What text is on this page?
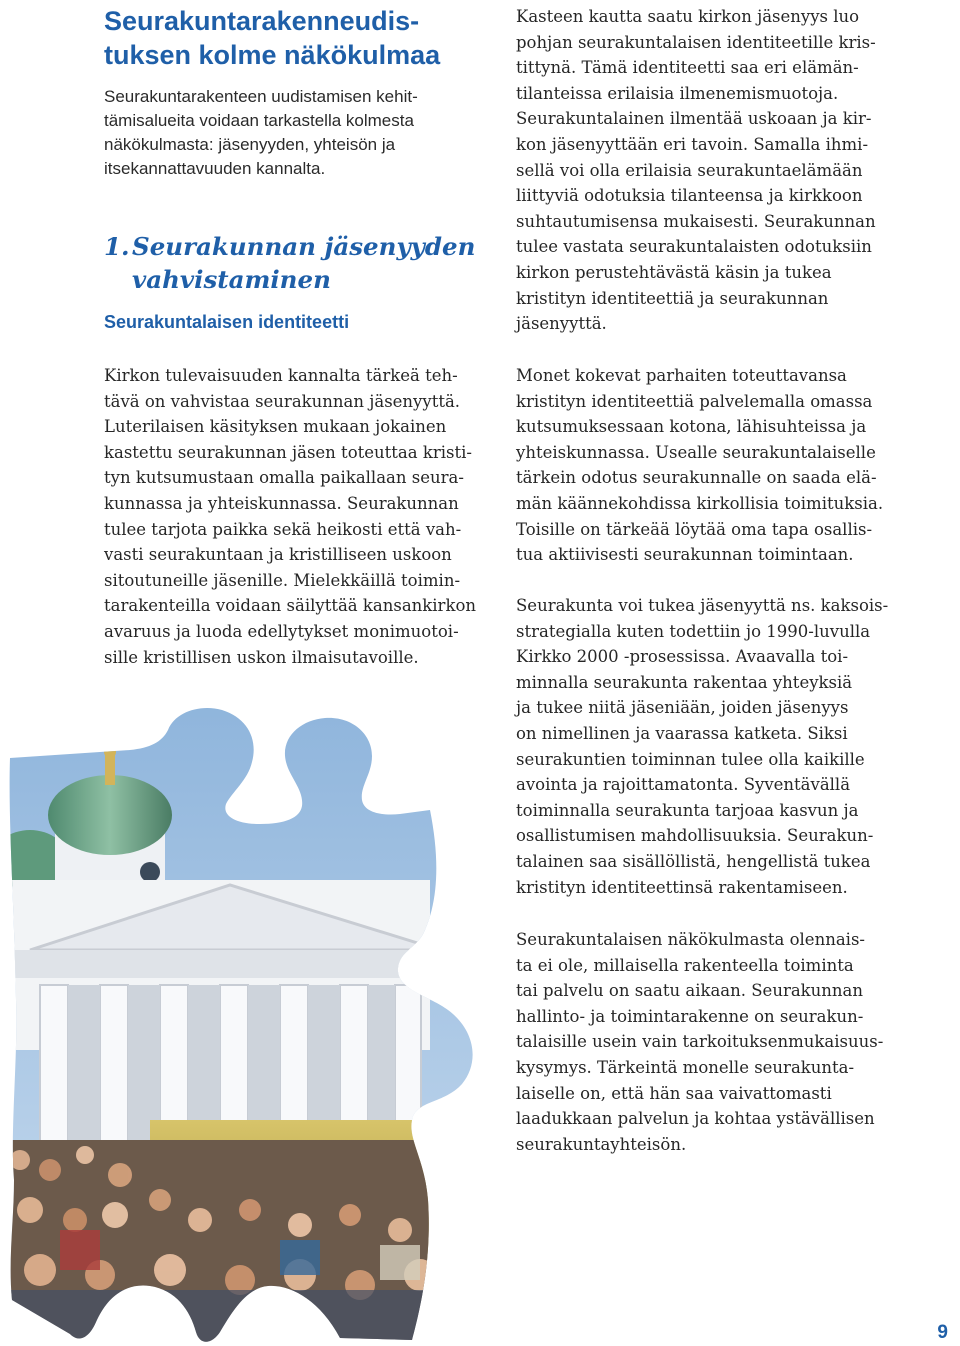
Seurakuntarakenneudis-
tuksen kolme näkökulmaa

Seurakuntarakenteen uudistamisen kehit-
tämisalueita voidaan tarkastella kolmesta
näkökulmasta: jäsenyyden, yhteisön ja
itsekannattavuuden kannalta.

1.Seurakunnan jäsenyyden
vahvistaminen
Seurakuntalaisen identiteetti

Kirkon tulevaisuuden kannalta tärkeä teh-
tävä on vahvistaa seurakunnan jäsenyyttä.
Luterilaisen käsityksen mukaan jokainen
kastettu seurakunnan jäsen toteuttaa kristi-
tyn kutsumustaan omalla paikallaan seura-
kunnassa ja yhteiskunnassa. Seurakunnan
tulee tarjota paikka sekä heikosti että vah-
vasti seurakuntaan ja kristilliseen uskoon
sitoutuneille jäsenille. Mielekkäillä toimin-
tarakenteilla voidaan säilyttää kansankirkon
avaruus ja luoda edellytykset monimuotoi-
sille kristillisen uskon ilmaisutavoille.

Kasteen kautta saatu kirkon jäsenyys luo
pohjan seurakuntalaisen identiteetille kris-
tittynä. Tämä identiteetti saa eri elämän-
tilanteissa erilaisia ilmenemismuotoja.
Seurakuntalainen ilmentää uskoaan ja kir-
kon jäsenyyttään eri tavoin. Samalla ihmi-
sellä voi olla erilaisia seurakuntaelämään
liittyviä odotuksia tilanteensa ja kirkkoon
suhtautumisensa mukaisesti. Seurakunnan
tulee vastata seurakuntalaisten odotuksiin
kirkon perustehtävästä käsin ja tukea
kristityn identiteettiä ja seurakunnan
jäsenyyttä.

Monet kokevat parhaiten toteuttavansa
kristityn identiteettiä palvelemalla omassa
kutsumuksessaan kotona, lähisuhteissa ja
yhteiskunnassa. Usealle seurakuntalaiselle
tärkein odotus seurakunnalle on saada elä-
män käännekohdissa kirkollisia toimituksia.
Toisille on tärkeää löytää oma tapa osallis-
tua aktiivisesti seurakunnan toimintaan.

Seurakunta voi tukea jäsenyyttä ns. kaksois-
strategialla kuten todettiin jo 1990-luvulla
Kirkko 2000 -prosessissa. Avaavalla toi-
minnalla seurakunta rakentaa yhteyksiä
ja tukee niitä jäseniään, joiden jäsenyys
on nimellinen ja vaarassa katketa. Siksi
seurakuntien toiminnan tulee olla kaikille
avointa ja rajoittamatonta. Syventävällä
toiminnalla seurakunta tarjoaa kasvun ja
osallistumisen mahdollisuuksia. Seurakun-
talainen saa sisällöllistä, hengellistä tukea
kristityn identiteettinsä rakentamiseen.

Seurakuntalaisen näkökulmasta olennais-
ta ei ole, millaisella rakenteella toiminta
tai palvelu on saatu aikaan. Seurakunnan
hallinto- ja toimintarakenne on seurakun-
talaisille usein vain tarkoituksenmukaisuus-
kysymys. Tärkeintä monelle seurakunta-
laiselle on, että hän saa vaivattomasti
laadukkaan palvelun ja kohtaa ystävällisen
seurakuntayhteisön.

9
